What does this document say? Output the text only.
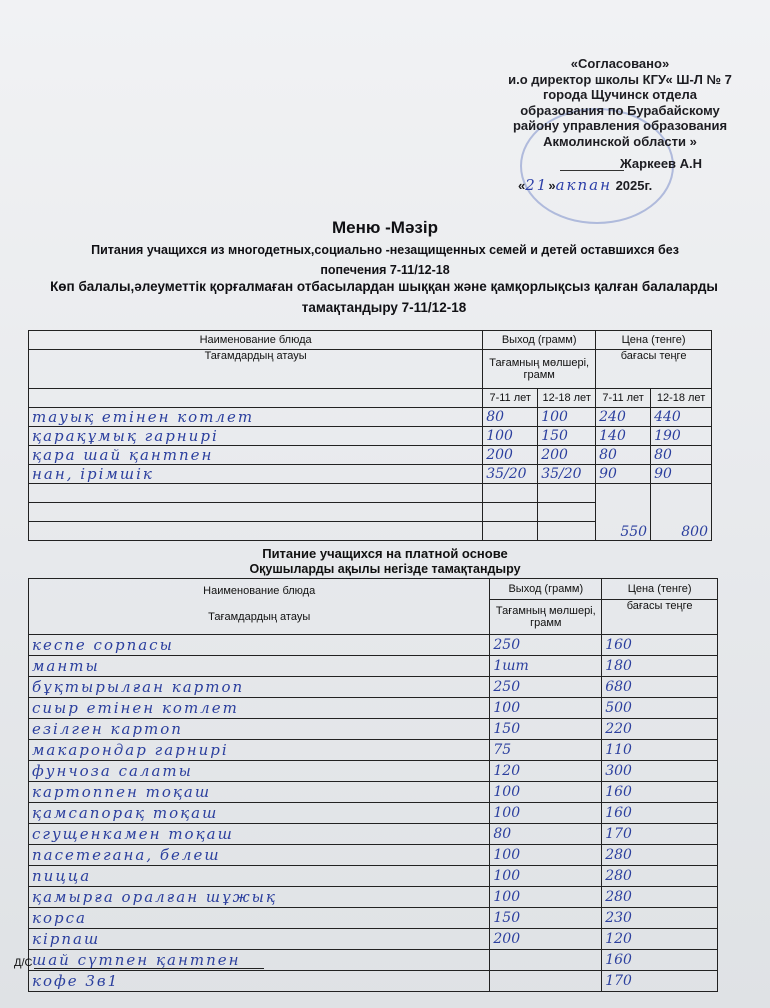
«Согласовано»
и.о директор школы КГУ« Ш-Л № 7
города Щучинск отдела
образования по Бурабайскому
району управления образования
Акмолинской области »
Жаркеев А.Н
«21»акпан 2025г.
Меню -Мәзір
Питания учащихся из многодетных,социально -незащищенных семей и детей оставшихся без попечения 7-11/12-18
Көп балалы,әлеуметтік қорғалмаған отбасылардан шыққан және қамқорлықсыз қалған балаларды тамақтандыру 7-11/12-18
Наименование блюда	Выход (грамм)		Цена (тенге)	
Тағамдардың атауы	Тағамның мөлшері, грамм		бағасы теңге	
	7-11 лет	12-18 лет	7-11 лет	12-18 лет
тауық етінен котлет	80	100	240	440
қарақұмық гарнирі	100	150	140	190
қара шай қантпен	200	200	80	80
нан, ірімшік	35/20	35/20	90	90

			550	800

Питание учащихся на платной основе
Оқушыларды ақылы негізде тамақтандыру
Наименование блюда
Тағамдардың атауы	Выход (грамм)	Цена (тенге)
	Тағамның мөлшері, грамм	бағасы теңге
кеспе сорпасы	250	160
манты	1шт	180
бұқтырылған картоп	250	680
сиыр етінен котлет	100	500
езілген картоп	150	220
макарондар гарнирі	75	110
фунчоза салаты	120	300
картоппен тоқаш	100	160
қамсапорақ тоқаш	100	160
сгущенкамен тоқаш	80	170
пасетегана, белеш	100	280
пицца	100	280
қамырға оралған шұжық	100	280
корса	150	230
кірпаш	200	120
шай сүтпен қантпен		160
кофе 3в1		170
Д/С
